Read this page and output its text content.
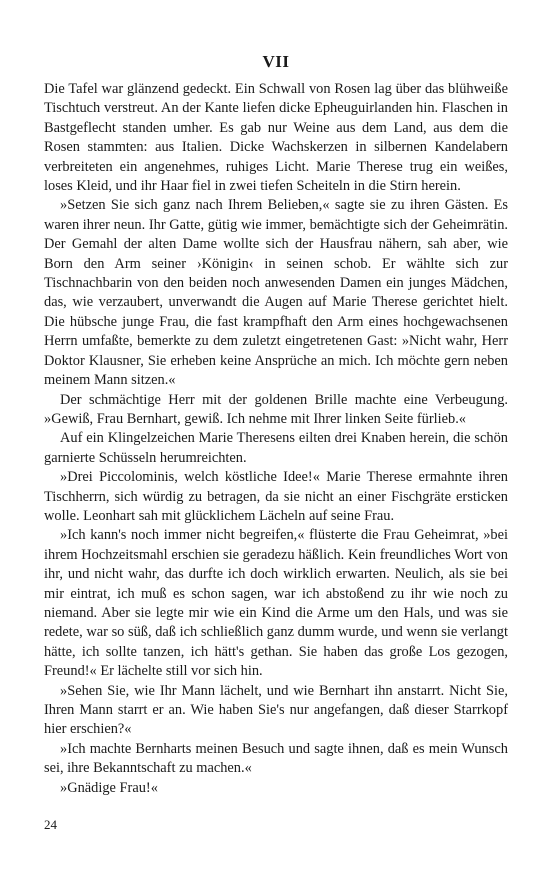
VII

Die Tafel war glänzend gedeckt. Ein Schwall von Rosen lag über das blühweiße Tischtuch verstreut. An der Kante liefen dicke Epheuguirlanden hin. Flaschen in Bastgeflecht standen umher. Es gab nur Weine aus dem Land, aus dem die Rosen stammten: aus Italien. Dicke Wachskerzen in silbernen Kandelabern verbreiteten ein angenehmes, ruhiges Licht. Marie Therese trug ein weißes, loses Kleid, und ihr Haar fiel in zwei tiefen Scheiteln in die Stirn herein.

»Setzen Sie sich ganz nach Ihrem Belieben,« sagte sie zu ihren Gästen. Es waren ihrer neun. Ihr Gatte, gütig wie immer, bemächtigte sich der Geheimrätin. Der Gemahl der alten Dame wollte sich der Hausfrau nähern, sah aber, wie Born den Arm seiner ›Königin‹ in seinen schob. Er wählte sich zur Tischnachbarin von den beiden noch anwesenden Damen ein junges Mädchen, das, wie verzaubert, unverwandt die Augen auf Marie Therese gerichtet hielt. Die hübsche junge Frau, die fast krampfhaft den Arm eines hochgewachsenen Herrn umfaßte, bemerkte zu dem zuletzt eingetretenen Gast: »Nicht wahr, Herr Doktor Klausner, Sie erheben keine Ansprüche an mich. Ich möchte gern neben meinem Mann sitzen.«

Der schmächtige Herr mit der goldenen Brille machte eine Verbeugung. »Gewiß, Frau Bernhart, gewiß. Ich nehme mit Ihrer linken Seite fürlieb.«

Auf ein Klingelzeichen Marie Theresens eilten drei Knaben herein, die schön garnierte Schüsseln herumreichten.

»Drei Piccolominis, welch köstliche Idee!« Marie Therese ermahnte ihren Tischherrn, sich würdig zu betragen, da sie nicht an einer Fischgräte ersticken wolle. Leonhart sah mit glücklichem Lächeln auf seine Frau.

»Ich kann's noch immer nicht begreifen,« flüsterte die Frau Geheimrat, »bei ihrem Hochzeitsmahl erschien sie geradezu häßlich. Kein freundliches Wort von ihr, und nicht wahr, das durfte ich doch wirklich erwarten. Neulich, als sie bei mir eintrat, ich muß es schon sagen, war ich abstoßend zu ihr wie noch zu niemand. Aber sie legte mir wie ein Kind die Arme um den Hals, und was sie redete, war so süß, daß ich schließlich ganz dumm wurde, und wenn sie verlangt hätte, ich sollte tanzen, ich hätt's gethan. Sie haben das große Los gezogen, Freund!« Er lächelte still vor sich hin.

»Sehen Sie, wie Ihr Mann lächelt, und wie Bernhart ihn anstarrt. Nicht Sie, Ihren Mann starrt er an. Wie haben Sie's nur angefangen, daß dieser Starrkopf hier erschien?«

»Ich machte Bernharts meinen Besuch und sagte ihnen, daß es mein Wunsch sei, ihre Bekanntschaft zu machen.«

»Gnädige Frau!«

24
